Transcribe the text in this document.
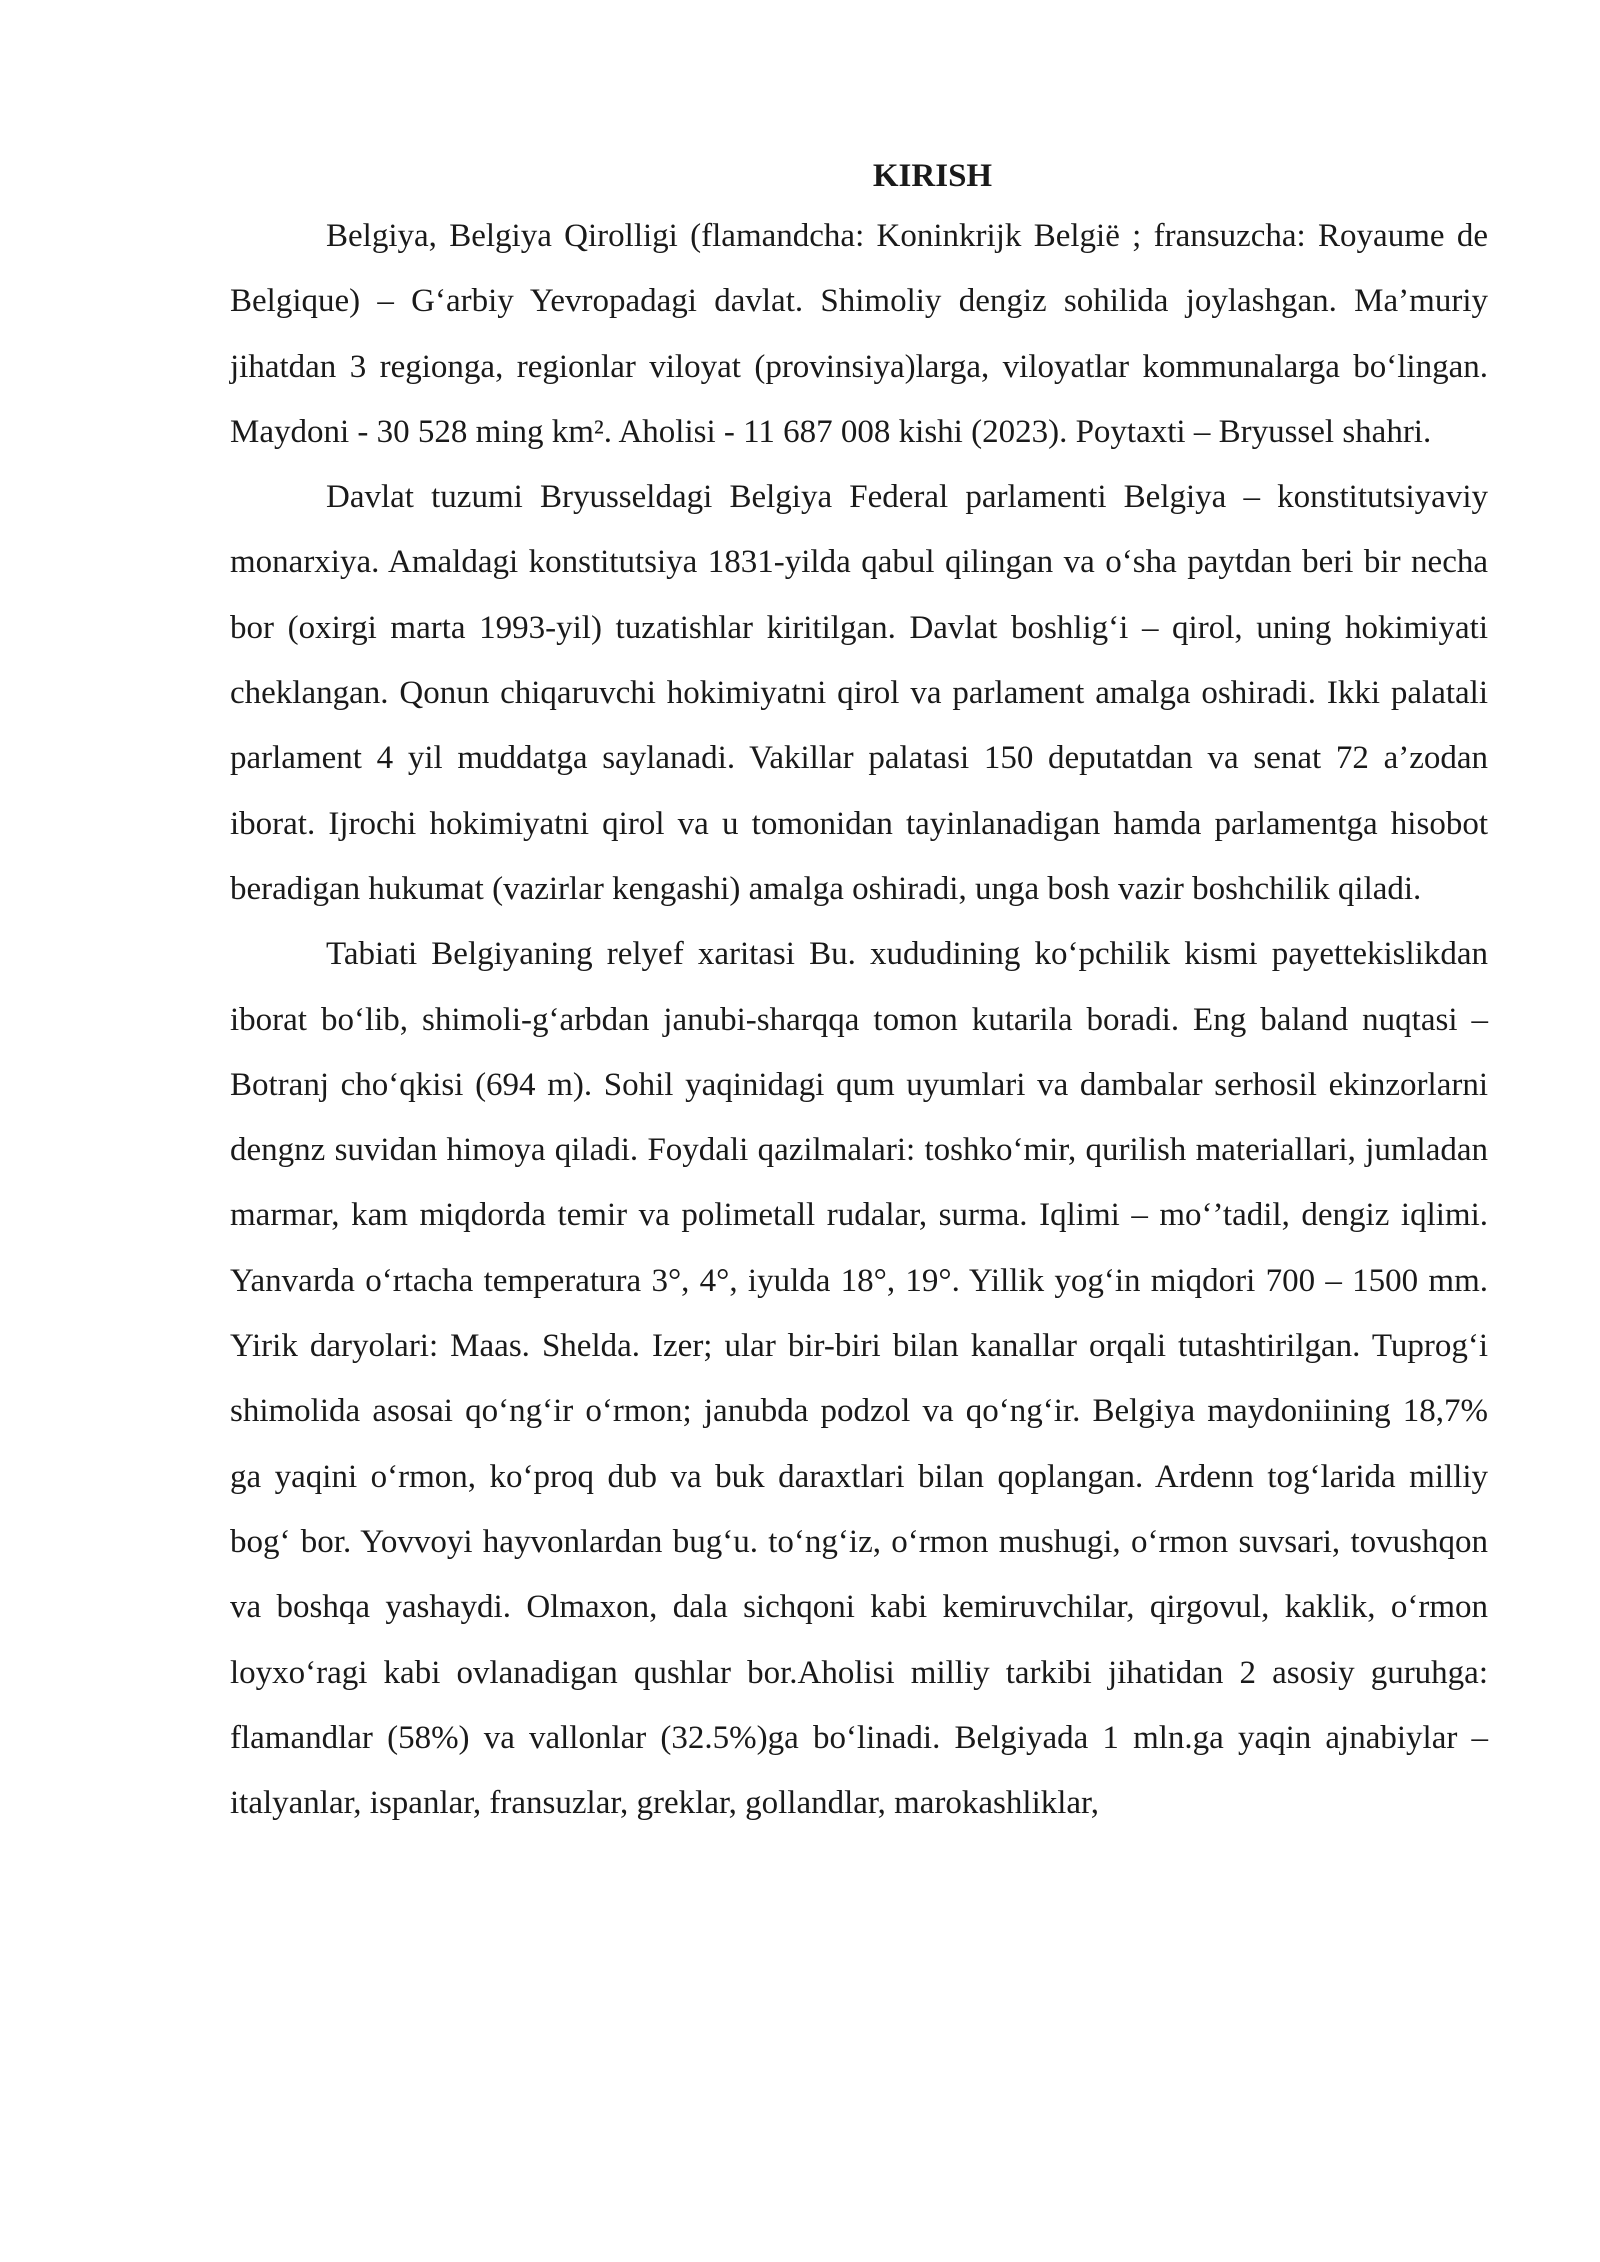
KIRISH

Belgiya, Belgiya Qirolligi (flamandcha: Koninkrijk België ; fransuzcha: Royaume de Belgique) – G‘arbiy Yevropadagi davlat. Shimoliy dengiz sohilida joylashgan. Ma’muriy jihatdan 3 regionga, regionlar viloyat (provinsiya)larga, viloyatlar kommunalarga bo‘lingan. Maydoni - 30 528 ming km². Aholisi - 11 687 008 kishi (2023). Poytaxti – Bryussel shahri.

Davlat tuzumi Bryusseldagi Belgiya Federal parlamenti Belgiya – konstitutsiyaviy monarxiya. Amaldagi konstitutsiya 1831-yilda qabul qilingan va o‘sha paytdan beri bir necha bor (oxirgi marta 1993-yil) tuzatishlar kiritilgan. Davlat boshlig‘i – qirol, uning hokimiyati cheklangan. Qonun chiqaruvchi hokimiyatni qirol va parlament amalga oshiradi. Ikki palatali parlament 4 yil muddatga saylanadi. Vakillar palatasi 150 deputatdan va senat 72 a’zodan iborat. Ijrochi hokimiyatni qirol va u tomonidan tayinlanadigan hamda parlamentga hisobot beradigan hukumat (vazirlar kengashi) amalga oshiradi, unga bosh vazir boshchilik qiladi.

Tabiati Belgiyaning relyef xaritasi Bu. xududining ko‘pchilik kismi payettekislikdan iborat bo‘lib, shimoli-g‘arbdan janubi-sharqqa tomon kutarila boradi. Eng baland nuqtasi – Botranj cho‘qkisi (694 m). Sohil yaqinidagi qum uyumlari va dambalar serhosil ekinzorlarni dengnz suvidan himoya qiladi. Foydali qazilmalari: toshko‘mir, qurilish materiallari, jumladan marmar, kam miqdorda temir va polimetall rudalar, surma. Iqlimi – mo‘’tadil, dengiz iqlimi. Yanvarda o‘rtacha temperatura 3°, 4°, iyulda 18°, 19°. Yillik yog‘in miqdori 700 – 1500 mm. Yirik daryolari: Maas. Shelda. Izer; ular bir-biri bilan kanallar orqali tutashtirilgan. Tuprog‘i shimolida asosai qo‘ng‘ir o‘rmon; janubda podzol va qo‘ng‘ir. Belgiya maydoniining 18,7% ga yaqini o‘rmon, ko‘proq dub va buk daraxtlari bilan qoplangan. Ardenn tog‘larida milliy bog‘ bor. Yovvoyi hayvonlardan bug‘u. to‘ng‘iz, o‘rmon mushugi, o‘rmon suvsari, tovushqon va boshqa yashaydi. Olmaxon, dala sichqoni kabi kemiruvchilar, qirgovul, kaklik, o‘rmon loyxo‘ragi kabi ovlanadigan qushlar bor.Aholisi milliy tarkibi jihatidan 2 asosiy guruhga: flamandlar (58%) va vallonlar (32.5%)ga bo‘linadi. Belgiyada 1 mln.ga yaqin ajnabiylar – italyanlar, ispanlar, fransuzlar, greklar, gollandlar, marokashliklar,
